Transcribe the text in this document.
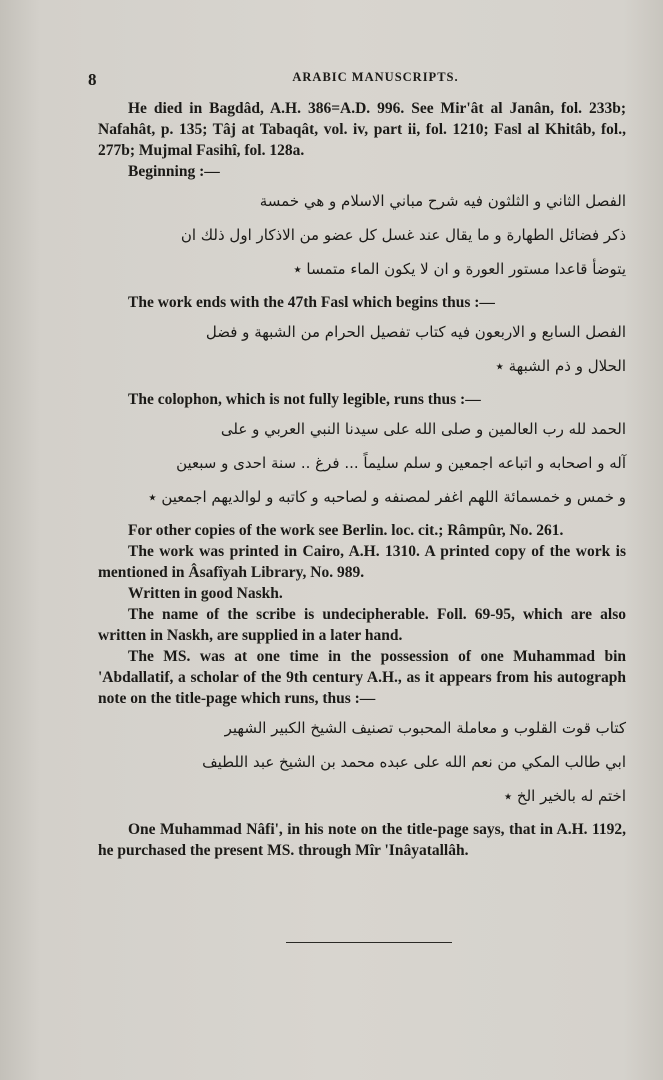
8	ARABIC MANUSCRIPTS.

He died in Bagdâd, A.H. 386=A.D. 996. See Mir'ât al Janân, fol. 233b; Nafahât, p. 135; Tâj at Tabaqât, vol. iv, part ii, fol. 1210; Fasl al Khitâb, fol., 277b; Mujmal Fasihî, fol. 128a.

Beginning :—

الفصل الثاني و الثلثون فيه شرح مباني الاسلام و هي خمسة
ذكر فضائل الطهارة و ما يقال عند غسل كل عضو من الاذكار اول ذلك ان
يتوضأ قاعدا مستور العورة و ان لا يكون الماء متمسا ٭

The work ends with the 47th Fasl which begins thus :—

الفصل السابع و الاربعون فيه كتاب تفصيل الحرام من الشبهة و فضل
الحلال و ذم الشبهة ٭

The colophon, which is not fully legible, runs thus :—

الحمد لله رب العالمين و صلى الله على سيدنا النبي العربي و على
آله و اصحابه و اتباعه اجمعين و سلم سليماً ... فرغ .. سنة احدى و سبعين
و خمس و خمسمائة اللهم اغفر لمصنفه و لصاحبه و كاتبه و لوالديهم اجمعين ٭

For other copies of the work see Berlin. loc. cit.; Râmpûr, No. 261.

The work was printed in Cairo, A.H. 1310. A printed copy of the work is mentioned in Âsafîyah Library, No. 989.

Written in good Naskh.

The name of the scribe is undecipherable. Foll. 69-95, which are also written in Naskh, are supplied in a later hand.

The MS. was at one time in the possession of one Muhammad bin 'Abdallatif, a scholar of the 9th century A.H., as it appears from his autograph note on the title-page which runs, thus :—

كتاب قوت القلوب و معاملة المحبوب تصنيف الشيخ الكبير الشهير
ابي طالب المكي من نعم الله على عبده محمد بن الشيخ عبد اللطيف
اختم له بالخير الخ ٭

One Muhammad Nâfi', in his note on the title-page says, that in A.H. 1192, he purchased the present MS. through Mîr 'Inâyatallâh.
